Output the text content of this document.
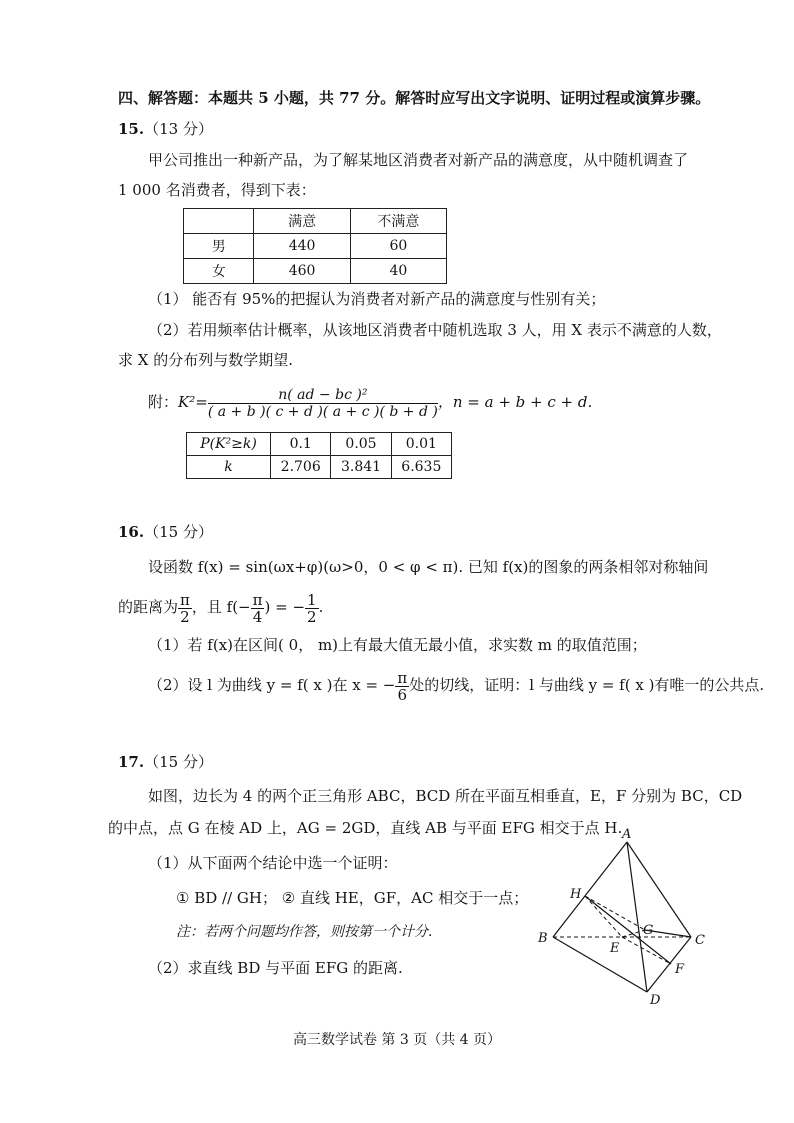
四、解答题：本题共 5 小题，共 77 分。解答时应写出文字说明、证明过程或演算步骤。
15.（13 分）
甲公司推出一种新产品，为了解某地区消费者对新产品的满意度，从中随机调查了
1 000 名消费者，得到下表：
	满意	不满意
男	440	60
女	460	40
（1） 能否有 95%的把握认为消费者对新产品的满意度与性别有关；
（2）若用频率估计概率，从该地区消费者中随机选取 3 人，用 X 表示不满意的人数，
求 X 的分布列与数学期望.
附：$K^2= \frac{\text{n( ad − bc )²}}{( a + b )( c + d )( a + c )( b + d )}$ ，n = a + b + c + d.
P(K²≥k)	0.1	0.05	0.01
k	2.706	3.841	6.635
16.（15 分）
设函数 f(x) = sin(ωx+φ)(ω>0，0 < φ < π). 已知 f(x)的图象的两条相邻对称轴间
的距离为 $\frac{\pi}{2}$ ，且 $f(- \frac{\pi}{4}$ ) = − $\frac{1}{2}$ .
（1）若 f(x)在区间( 0， m)上有最大值无最小值，求实数 m 的取值范围；
（2）设 l 为曲线 y = f( x )在 x = − $\frac{\pi}{6}$ 处的切线，证明：l 与曲线 y = f( x )有唯一的公共点.
17.（15 分）
如图，边长为 4 的两个正三角形 ABC，BCD 所在平面互相垂直，E，F 分别为 BC，CD
的中点，点 G 在棱 AD 上，AG = 2GD，直线 AB 与平面 EFG 相交于点 H.
（1）从下面两个结论中选一个证明：
① BD // GH； ② 直线 HE，GF，AC 相交于一点；
注：若两个问题均作答，则按第一个计分.
（2）求直线 BD 与平面 EFG 的距离.
A
B	C
D
E
F
G
H
高三数学试卷 第 3 页（共 4 页）
